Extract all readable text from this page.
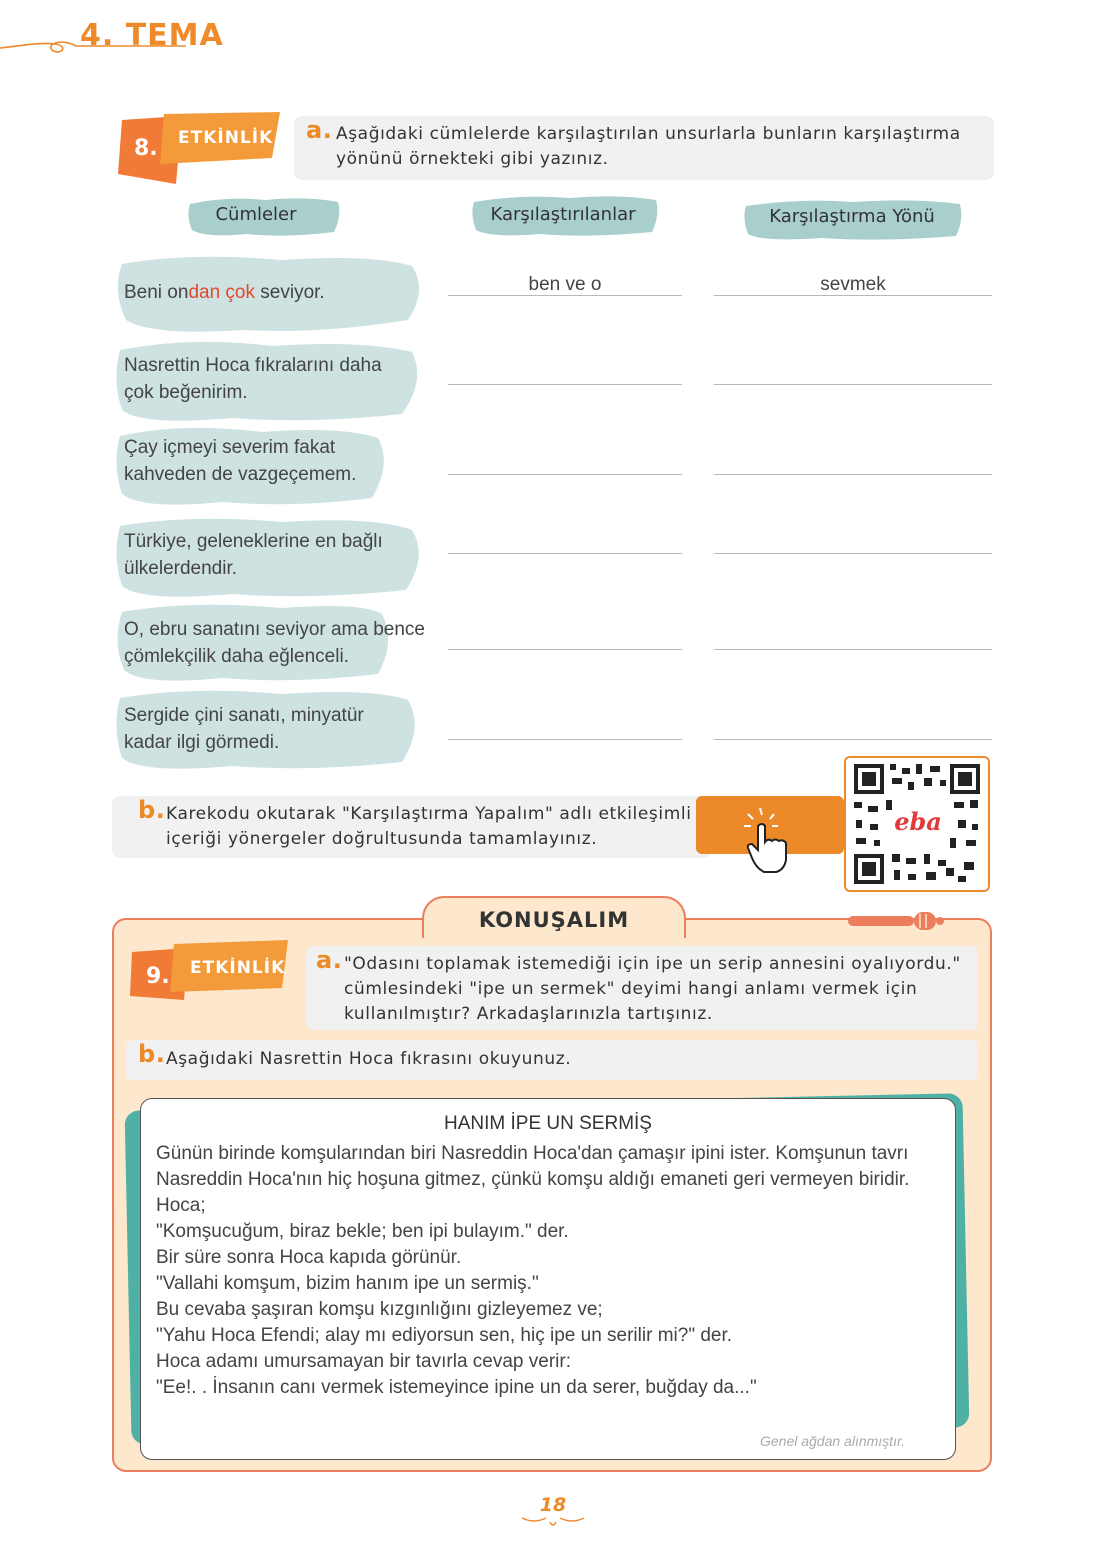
4. TEMA
8. ETKİNLİK a. Aşağıdaki cümlelerde karşılaştırılan unsurlarla bunların karşılaştırma yönünü örnekteki gibi yazınız.
Cümleler	Karşılaştırılanlar	Karşılaştırma Yönü
Beni ondan çok seviyor.	ben ve o	sevmek
Nasrettin Hoca fıkralarını daha çok beğenirim.
Çay içmeyi severim fakat kahveden de vazgeçemem.
Türkiye, geleneklerine en bağlı ülkelerdendir.
O, ebru sanatını seviyor ama bence çömlekçilik daha eğlenceli.
Sergide çini sanatı, minyatür kadar ilgi görmedi.
b. Karekodu okutarak "Karşılaştırma Yapalım" adlı etkileşimli içeriği yönergeler doğrultusunda tamamlayınız.
eba
KONUŞALIM
9. ETKİNLİK a. "Odasını toplamak istemediği için ipe un serip annesini oyalıyordu." cümlesindeki "ipe un sermek" deyimi hangi anlamı vermek için kullanılmıştır? Arkadaşlarınızla tartışınız.
b. Aşağıdaki Nasrettin Hoca fıkrasını okuyunuz.
HANIM İPE UN SERMİŞ
Günün birinde komşularından biri Nasreddin Hoca'dan çamaşır ipini ister. Komşunun tavrı Nasreddin Hoca'nın hiç hoşuna gitmez, çünkü komşu aldığı emaneti geri vermeyen biridir.
Hoca;
"Komşucuğum, biraz bekle; ben ipi bulayım." der.
Bir süre sonra Hoca kapıda görünür.
"Vallahi komşum, bizim hanım ipe un sermiş."
Bu cevaba şaşıran komşu kızgınlığını gizleyemez ve;
"Yahu Hoca Efendi; alay mı ediyorsun sen, hiç ipe un serilir mi?" der.
Hoca adamı umursamayan bir tavırla cevap verir:
"Ee!. . İnsanın canı vermek istemeyince ipine un da serer, buğday da..."
Genel ağdan alınmıştır.
18
